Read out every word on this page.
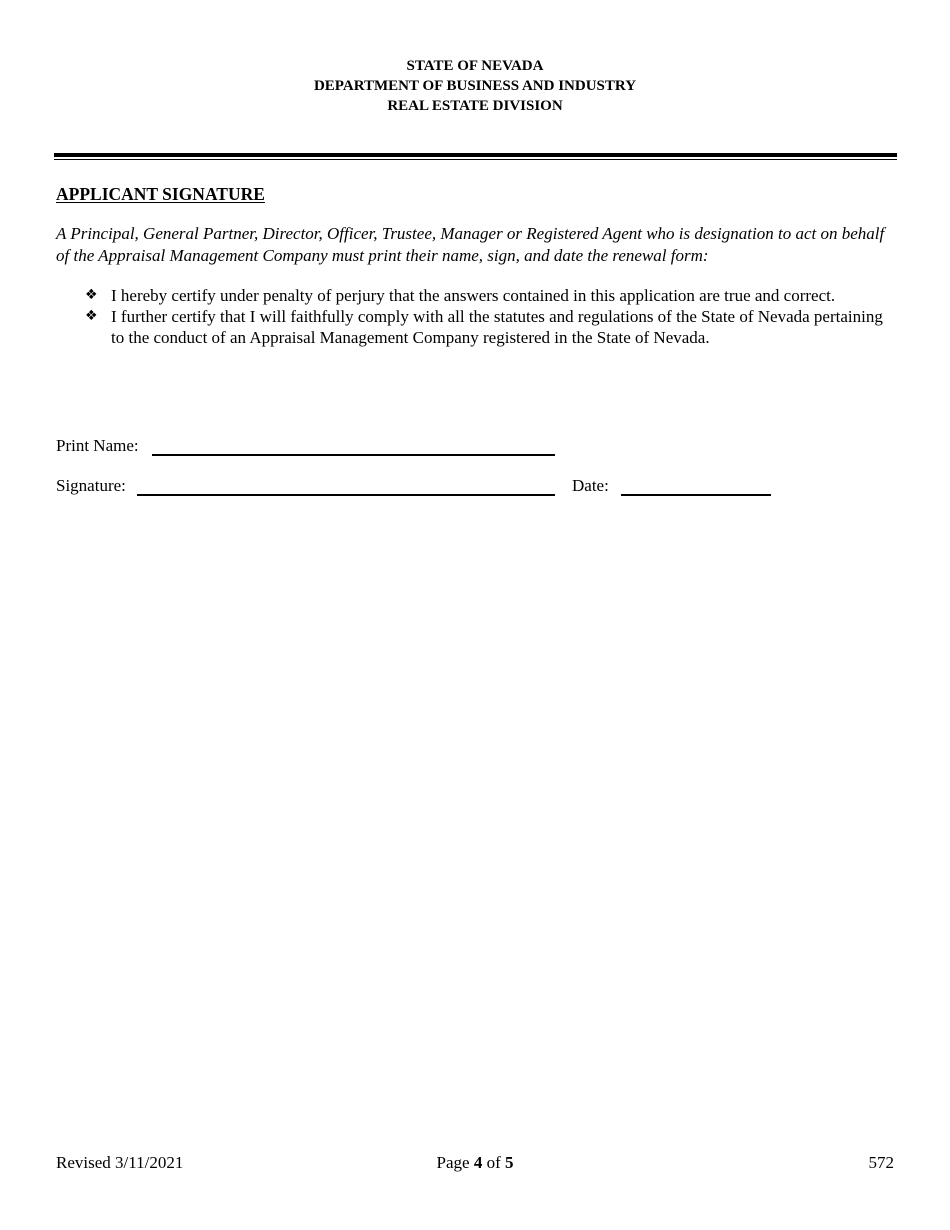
STATE OF NEVADA
DEPARTMENT OF BUSINESS AND INDUSTRY
REAL ESTATE DIVISION
APPLICANT SIGNATURE
A Principal, General Partner, Director, Officer, Trustee, Manager or Registered Agent who is designation to act on behalf of the Appraisal Management Company must print their name, sign, and date the renewal form:
❖ I hereby certify under penalty of perjury that the answers contained in this application are true and correct.
❖ I further certify that I will faithfully comply with all the statutes and regulations of the State of Nevada pertaining to the conduct of an Appraisal Management Company registered in the State of Nevada.
Print Name:
Signature:	Date:
Revised 3/11/2021	Page 4 of 5	572
